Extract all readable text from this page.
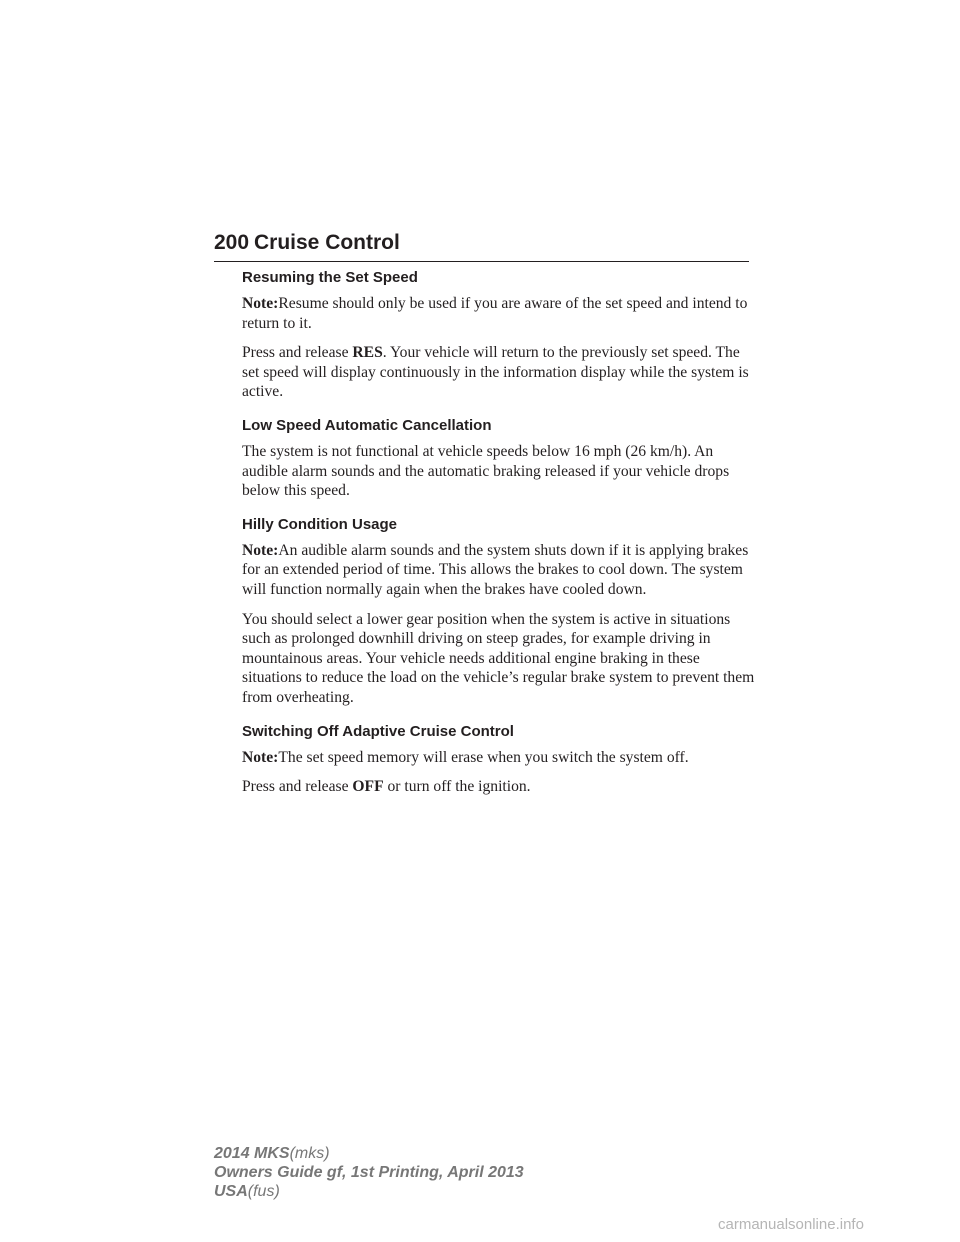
200 Cruise Control
Resuming the Set Speed

Note:Resume should only be used if you are aware of the set speed and intend to return to it.

Press and release RES. Your vehicle will return to the previously set speed. The set speed will display continuously in the information display while the system is active.

Low Speed Automatic Cancellation

The system is not functional at vehicle speeds below 16 mph (26 km/h). An audible alarm sounds and the automatic braking released if your vehicle drops below this speed.

Hilly Condition Usage

Note:An audible alarm sounds and the system shuts down if it is applying brakes for an extended period of time. This allows the brakes to cool down. The system will function normally again when the brakes have cooled down.

You should select a lower gear position when the system is active in situations such as prolonged downhill driving on steep grades, for example driving in mountainous areas. Your vehicle needs additional engine braking in these situations to reduce the load on the vehicle’s regular brake system to prevent them from overheating.

Switching Off Adaptive Cruise Control

Note:The set speed memory will erase when you switch the system off.

Press and release OFF or turn off the ignition.

2014 MKS(mks)
Owners Guide gf, 1st Printing, April 2013
USA(fus)
carmanualsonline.info
